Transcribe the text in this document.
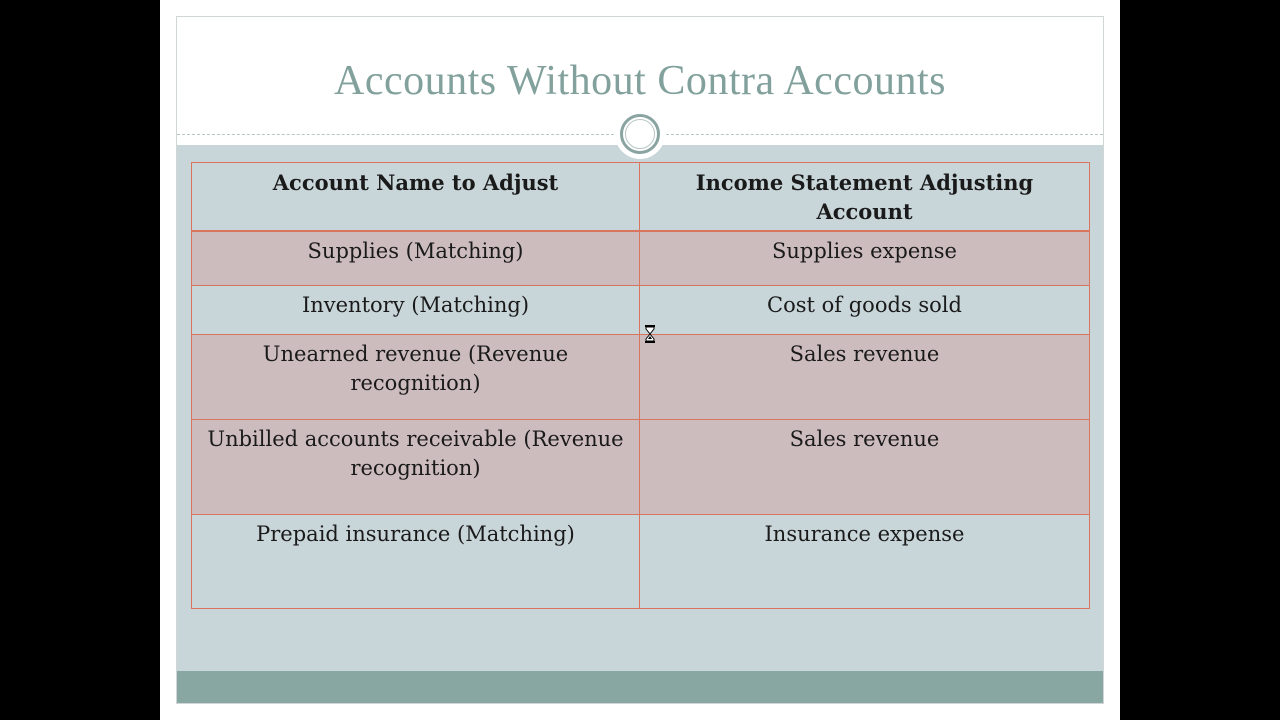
Accounts Without Contra Accounts
Account Name to Adjust	Income Statement Adjusting Account
Supplies (Matching)	Supplies expense
Inventory (Matching)	Cost of goods sold
Unearned revenue (Revenue recognition)	Sales revenue
Unbilled accounts receivable (Revenue recognition)	Sales revenue
Prepaid insurance (Matching)	Insurance expense
